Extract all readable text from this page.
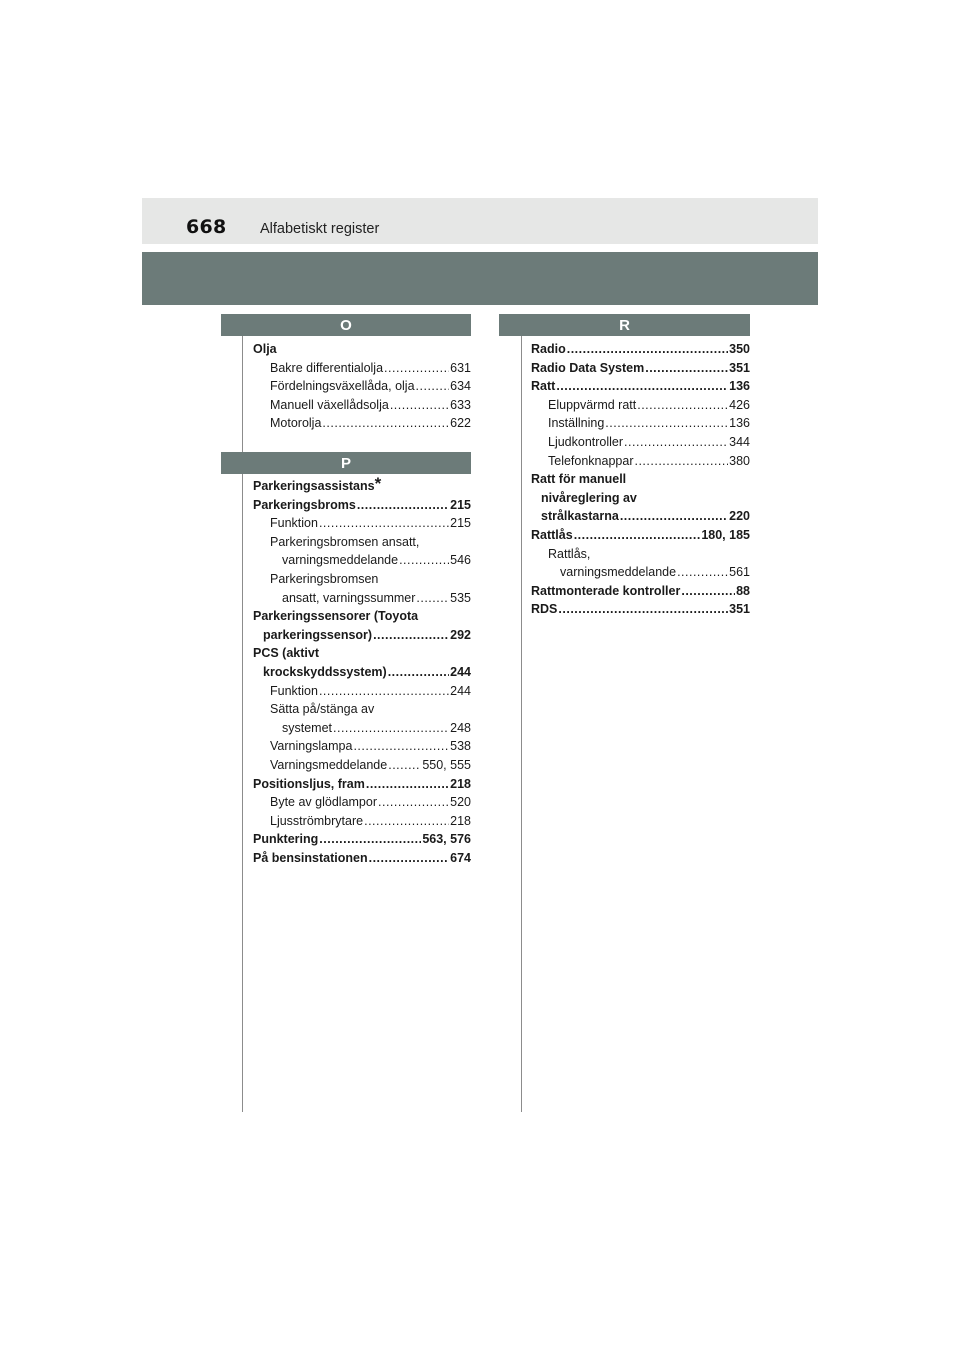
668 Alfabetiskt register
O
Olja
Bakre differentialolja .....	631
Fördelningsväxellåda, olja .....	634
Manuell växellådsolja .....	633
Motorolja .....	622
P
Parkeringsassistans*
Parkeringsbroms .....	215
Funktion .....	215
Parkeringsbromsen ansatt,
varningsmeddelande .....	546
Parkeringsbromsen
ansatt, varningssummer .....	535
Parkeringssensorer (Toyota
parkeringssensor) .....	292
PCS (aktivt
krockskyddssystem) .....	244
Funktion .....	244
Sätta på/stänga av
systemet .....	248
Varningslampa .....	538
Varningsmeddelande .....	550, 555
Positionsljus, fram .....	218
Byte av glödlampor .....	520
Ljusströmbrytare .....	218
Punktering .....	563, 576
På bensinstationen .....	674
R
Radio .....	350
Radio Data System .....	351
Ratt .....	136
Eluppvärmd ratt .....	426
Inställning .....	136
Ljudkontroller .....	344
Telefonknappar .....	380
Ratt för manuell
nivåreglering av
strålkastarna .....	220
Rattlås .....	180, 185
Rattlås,
varningsmeddelande .....	561
Rattmonterade kontroller .....	88
RDS .....	351
